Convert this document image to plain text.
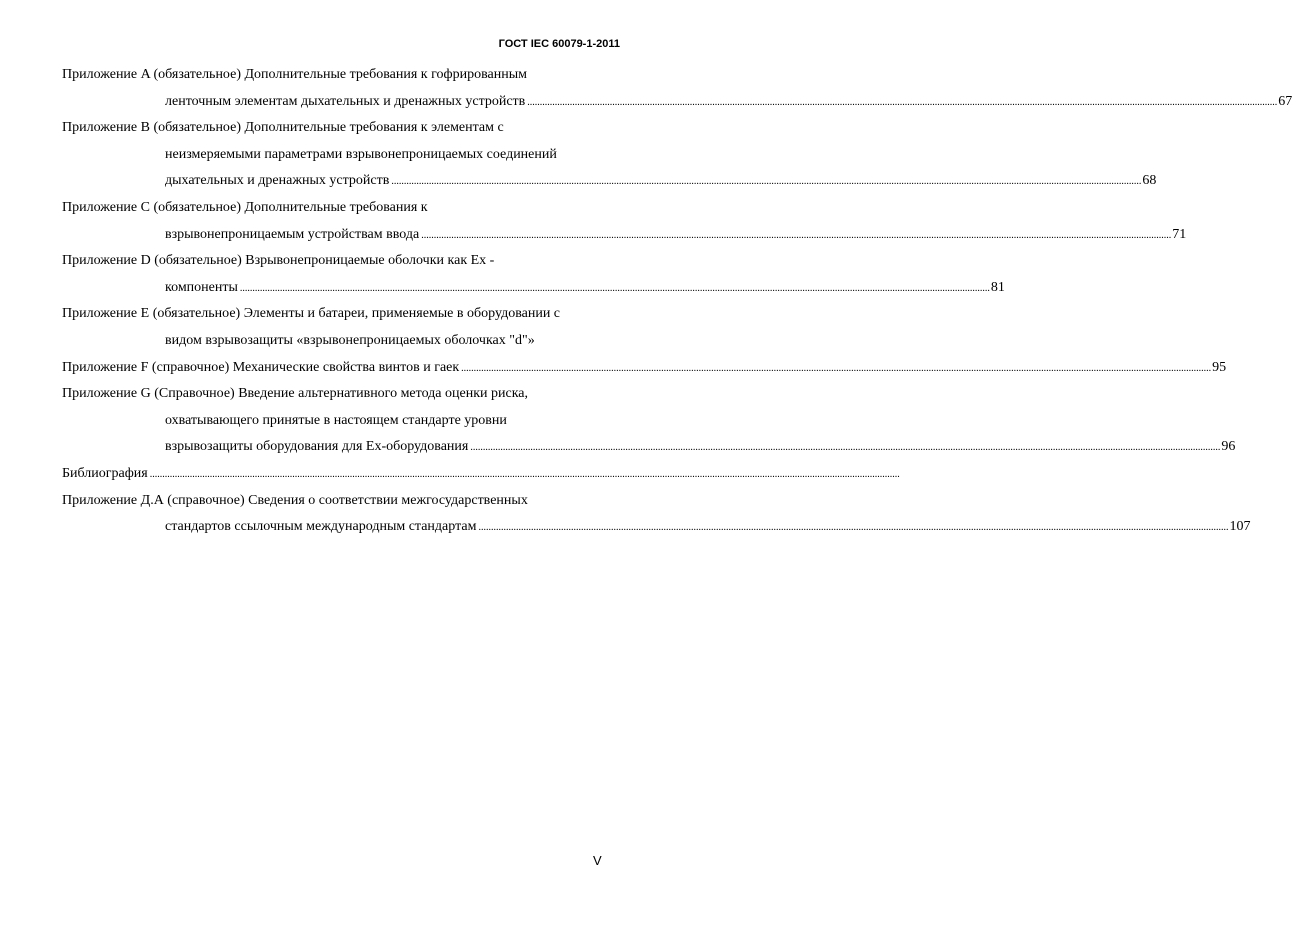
ГОСТ IEC 60079-1-2011
Приложение A (обязательное) Дополнительные требования к гофрированным
ленточным элементам дыхательных и дренажных устройств ............................................................................................................................................................................................................................................................................................................ 67
Приложение B (обязательное) Дополнительные требования к элементам с
неизмеряемыми параметрами взрывонепроницаемых соединений
дыхательных и дренажных устройств ............................................................................................................................................................................................................................................................................................................ 68
Приложение C (обязательное) Дополнительные требования к
взрывонепроницаемым устройствам ввода ............................................................................................................................................................................................................................................................................................................ 71
Приложение D (обязательное) Взрывонепроницаемые оболочки как Ex -
компоненты ............................................................................................................................................................................................................................................................................................................ 81
Приложение E (обязательное) Элементы и батареи, применяемые в оборудовании с
видом взрывозащиты «взрывонепроницаемых оболочках "d"»
Приложение F (справочное) Механические свойства винтов и гаек ............................................................................................................................................................................................................................................................................................................ 95
Приложение G (Справочное) Введение альтернативного метода оценки риска,
охватывающего принятые в настоящем стандарте уровни
взрывозащиты оборудования для Ex-оборудования ............................................................................................................................................................................................................................................................................................................ 96
Библиография ............................................................................................................................................................................................................................................................................................................
Приложение Д.А (справочное) Сведения о соответствии межгосударственных
стандартов ссылочным международным стандартам ............................................................................................................................................................................................................................................................................................................ 107
V
